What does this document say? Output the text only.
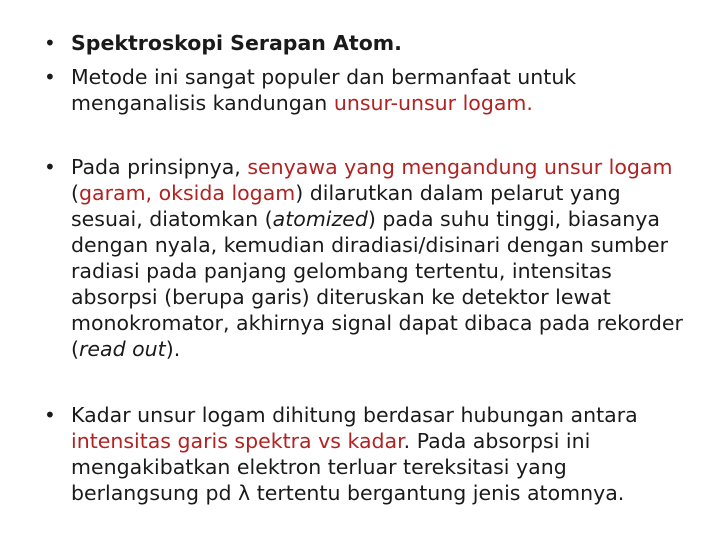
• Spektroskopi Serapan Atom.
• Metode ini sangat populer dan bermanfaat untuk menganalisis kandungan unsur-unsur logam.
• Pada prinsipnya, senyawa yang mengandung unsur logam (garam, oksida logam) dilarutkan dalam pelarut yang sesuai, diatomkan (atomized) pada suhu tinggi, biasanya dengan nyala, kemudian diradiasi/disinari dengan sumber radiasi pada panjang gelombang tertentu, intensitas absorpsi (berupa garis) diteruskan ke detektor lewat monokromator, akhirnya signal dapat dibaca pada rekorder (read out).
• Kadar unsur logam dihitung berdasar hubungan antara intensitas garis spektra vs kadar. Pada absorpsi ini mengakibatkan elektron terluar tereksitasi yang berlangsung pd λ tertentu bergantung jenis atomnya.
